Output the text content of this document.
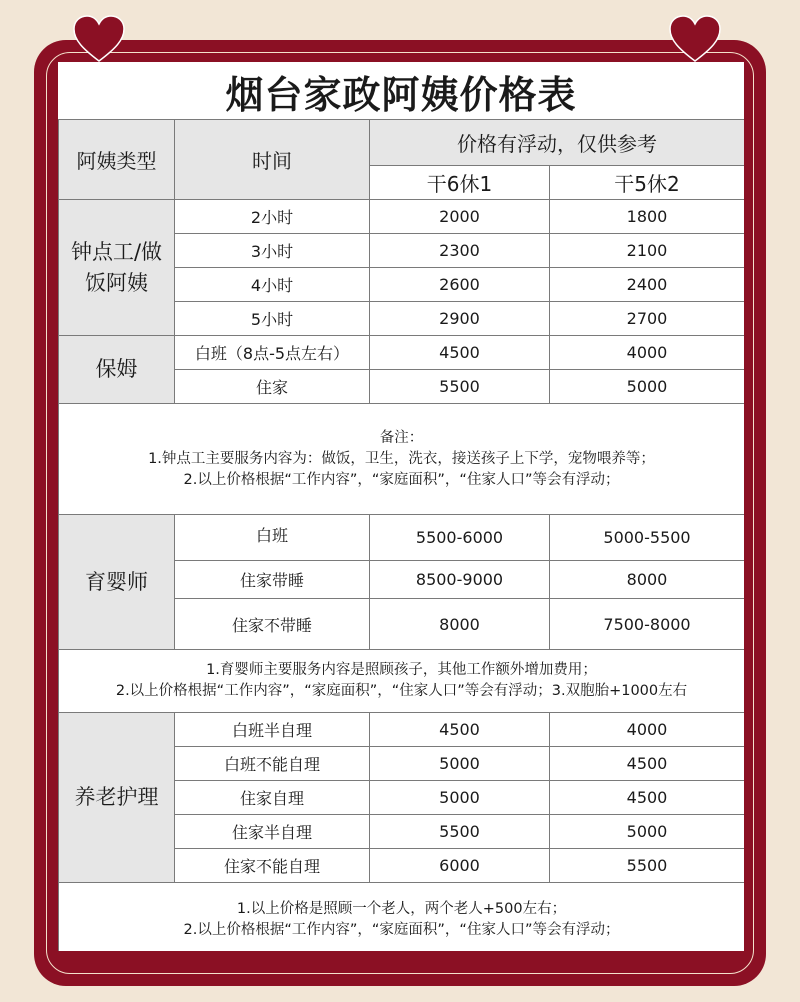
烟台家政阿姨价格表
阿姨类型	时间	价格有浮动，仅供参考	
		干6休1	干5休2

钟点工/做
饭阿姨	2小时	2000	1800
	3小时	2300	2100
	4小时	2600	2400
	5小时	2900	2700
保姆	白班（8点-5点左右）	4500	4000
	住家	5500	5000

备注：
1.钟点工主要服务内容为：做饭，卫生，洗衣，接送孩子上下学，宠物喂养等；
2.以上价格根据“工作内容”，“家庭面积”，“住家人口”等会有浮动；			

育婴师	白班	5500-6000	5000-5500
	住家带睡	8500-9000	8000
	住家不带睡	8000	7500-8000

1.育婴师主要服务内容是照顾孩子，其他工作额外增加费用；
2.以上价格根据“工作内容”，“家庭面积”，“住家人口”等会有浮动；3.双胞胎+1000左右			

养老护理	白班半自理	4500	4000
	白班不能自理	5000	4500
	住家自理	5000	4500
	住家半自理	5500	5000
	住家不能自理	6000	5500

1.以上价格是照顾一个老人，两个老人+500左右；
2.以上价格根据“工作内容”，“家庭面积”，“住家人口”等会有浮动；			
